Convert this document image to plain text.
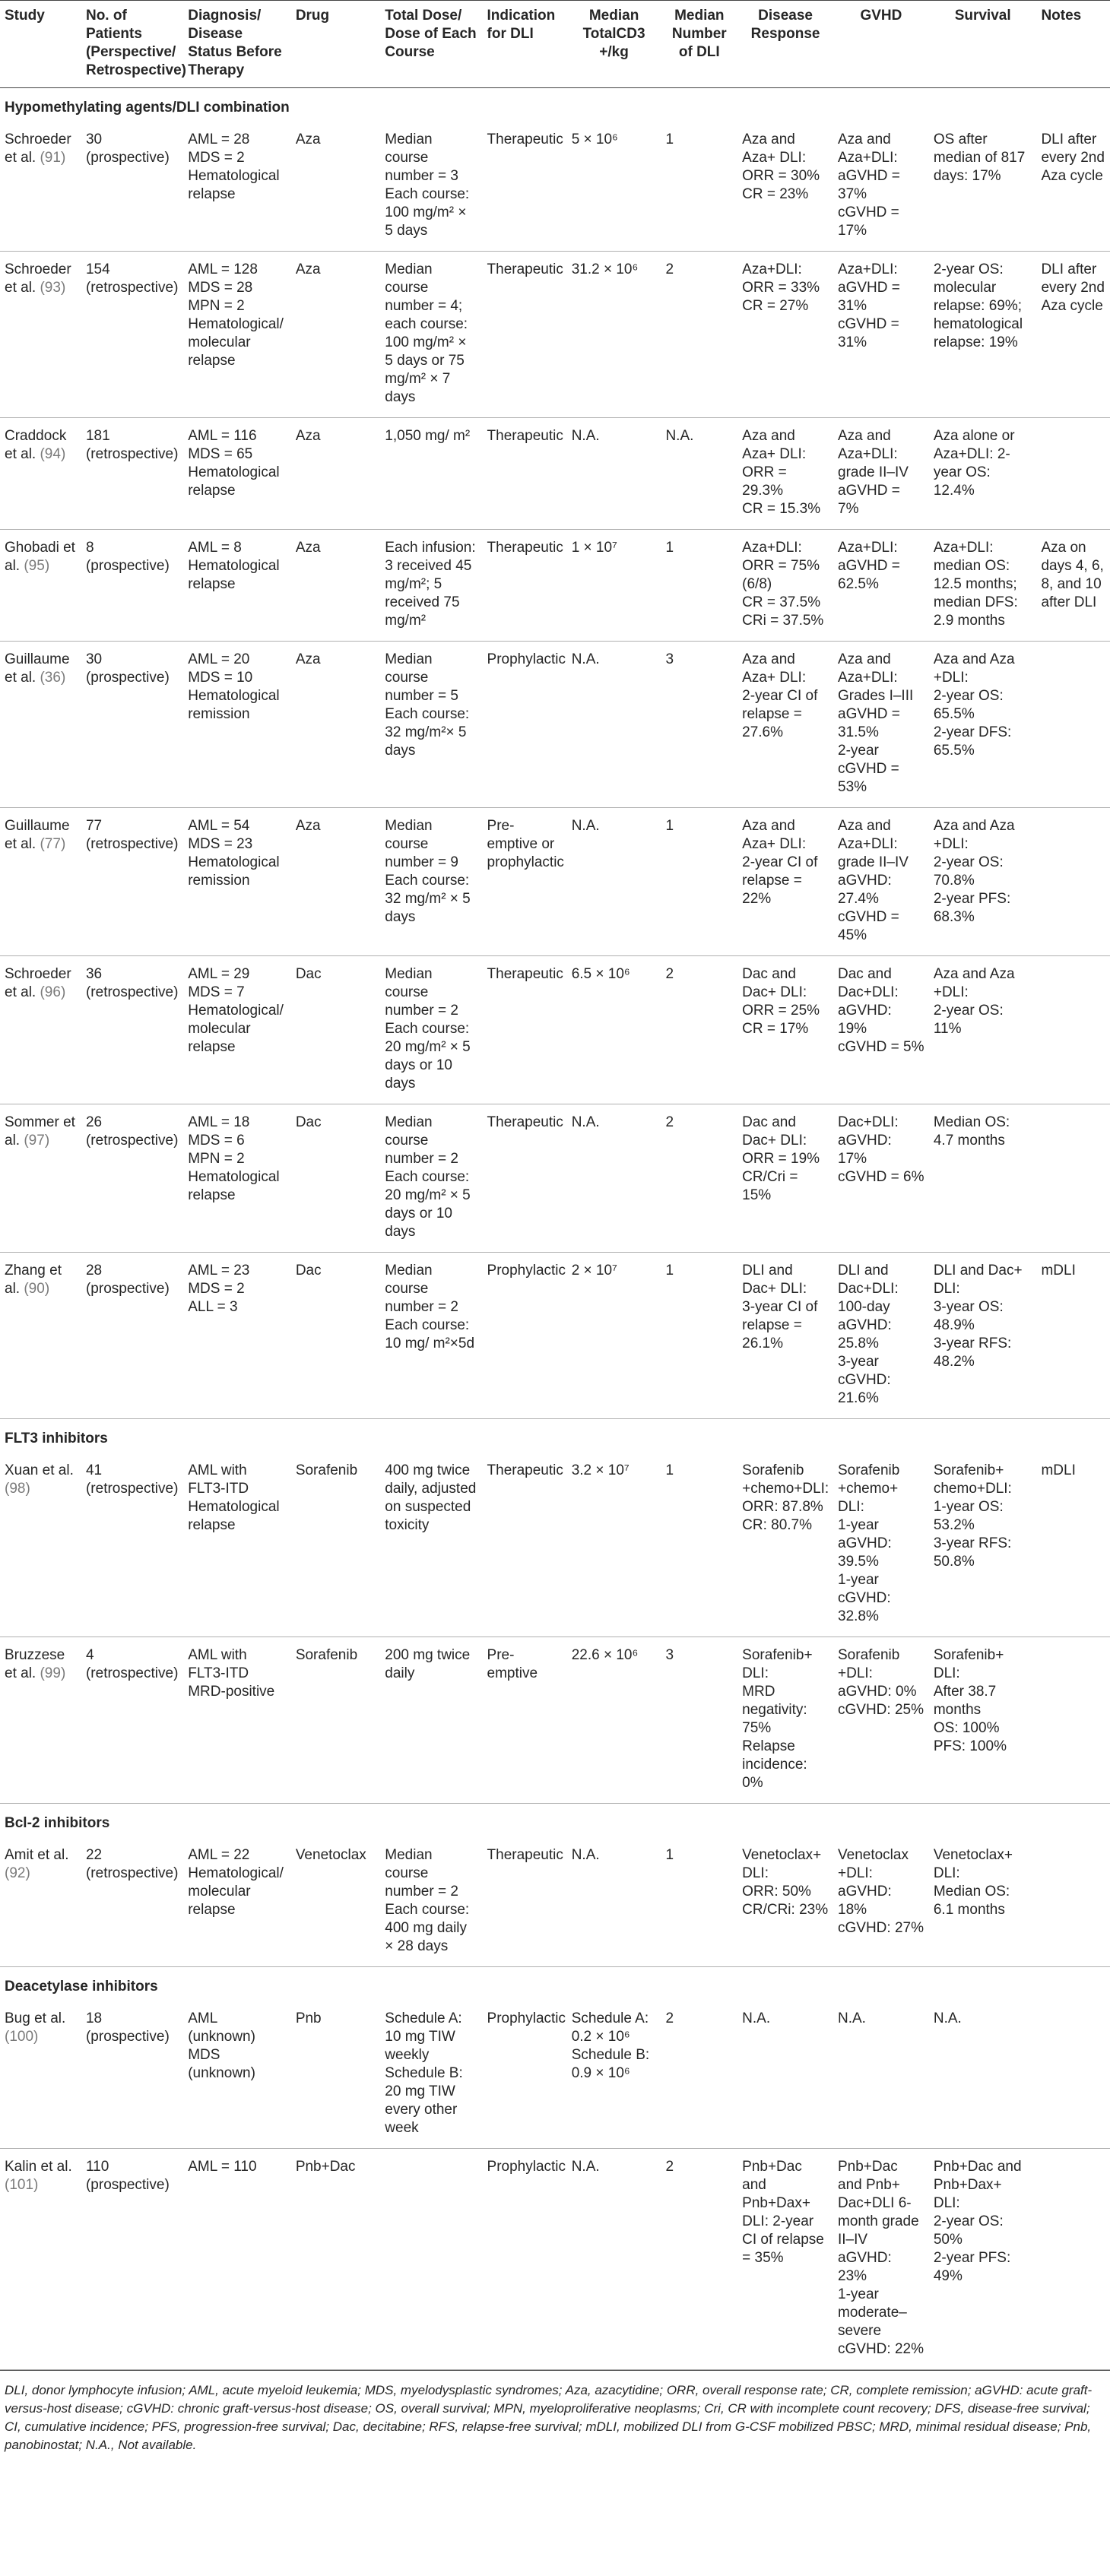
Study	No. of Patients (Perspective/ Retrospective)	Diagnosis/ Disease Status Before Therapy	Drug	Total Dose/ Dose of Each Course	Indication for DLI	Median TotalCD3 +/kg	Median Number of DLI	Disease Response	GVHD	Survival	Notes
Hypomethylating agents/DLI combination											
Schroeder et al. (91)	30 (prospective)	AML = 28
MDS = 2
Hematological relapse	Aza	Median course number = 3
Each course: 100 mg/m² × 5 days	Therapeutic	5 × 10⁶	1	Aza and Aza+ DLI:
ORR = 30%
CR = 23%	Aza and Aza+DLI: aGVHD = 37%
cGVHD = 17%	OS after median of 817 days: 17%	DLI after every 2nd Aza cycle
Schroeder et al. (93)	154 (retrospective)	AML = 128
MDS = 28
MPN = 2
Hematological/ molecular relapse	Aza	Median course number = 4; each course: 100 mg/m² × 5 days or 75 mg/m² × 7 days	Therapeutic	31.2 × 10⁶	2	Aza+DLI:
ORR = 33%
CR = 27%	Aza+DLI: aGVHD = 31%
cGVHD = 31%	2-year OS: molecular relapse: 69%; hematological relapse: 19%	DLI after every 2nd Aza cycle
Craddock et al. (94)	181 (retrospective)	AML = 116
MDS = 65
Hematological relapse	Aza	1,050 mg/ m²	Therapeutic	N.A.	N.A.	Aza and Aza+ DLI:
ORR = 29.3%
CR = 15.3%	Aza and Aza+DLI: grade II–IV aGVHD = 7%	Aza alone or Aza+DLI: 2-year OS: 12.4%	

Ghobadi et al. (95)	8 (prospective)	AML = 8
Hematological relapse	Aza	Each infusion: 3 received 45 mg/m²; 5 received 75 mg/m²	Therapeutic	1 × 10⁷	1	Aza+DLI:
ORR = 75% (6/8)
CR = 37.5%
CRi = 37.5%	Aza+DLI: aGVHD = 62.5%	Aza+DLI: median OS: 12.5 months; median DFS: 2.9 months	Aza on days 4, 6, 8, and 10 after DLI
Guillaume et al. (36)	30 (prospective)	AML = 20
MDS = 10
Hematological remission	Aza	Median course number = 5
Each course: 32 mg/m²× 5 days	Prophylactic	N.A.	3	Aza and Aza+ DLI:
2-year CI of relapse = 27.6%	Aza and Aza+DLI: Grades I–III aGVHD = 31.5%
2-year cGVHD = 53%	Aza and Aza +DLI:
2-year OS: 65.5%
2-year DFS: 65.5%	

Guillaume et al. (77)	77 (retrospective)	AML = 54
MDS = 23
Hematological remission	Aza	Median course number = 9
Each course: 32 mg/m² × 5 days	Pre-emptive or prophylactic	N.A.	1	Aza and Aza+ DLI:
2-year CI of relapse = 22%	Aza and Aza+DLI: grade II–IV aGVHD: 27.4%
cGVHD = 45%	Aza and Aza +DLI:
2-year OS: 70.8%
2-year PFS: 68.3%	

Schroeder et al. (96)	36 (retrospective)	AML = 29
MDS = 7
Hematological/ molecular relapse	Dac	Median course number = 2
Each course: 20 mg/m² × 5 days or 10 days	Therapeutic	6.5 × 10⁶	2	Dac and Dac+ DLI:
ORR = 25%
CR = 17%	Dac and Dac+DLI: aGVHD: 19%
cGVHD = 5%	Aza and Aza +DLI:
2-year OS: 11%	

Sommer et al. (97)	26 (retrospective)	AML = 18
MDS = 6
MPN = 2
Hematological relapse	Dac	Median course number = 2
Each course: 20 mg/m² × 5 days or 10 days	Therapeutic	N.A.	2	Dac and Dac+ DLI:
ORR = 19%
CR/Cri = 15%	Dac+DLI: aGVHD: 17%
cGVHD = 6%	Median OS: 4.7 months	

Zhang et al. (90)	28 (prospective)	AML = 23
MDS = 2
ALL = 3	Dac	Median course number = 2
Each course: 10 mg/ m²×5d	Prophylactic	2 × 10⁷	1	DLI and Dac+ DLI:
3-year CI of relapse = 26.1%	DLI and Dac+DLI: 100-day aGVHD: 25.8%
3-year cGVHD: 21.6%	DLI and Dac+ DLI:
3-year OS: 48.9%
3-year RFS: 48.2%	mDLI
FLT3 inhibitors											
Xuan et al. (98)	41 (retrospective)	AML with FLT3-ITD Hematological relapse	Sorafenib	400 mg twice daily, adjusted on suspected toxicity	Therapeutic	3.2 × 10⁷	1	Sorafenib +chemo+DLI: ORR: 87.8%
CR: 80.7%	Sorafenib +chemo+ DLI:
1-year aGVHD: 39.5%
1-year cGVHD: 32.8%	Sorafenib+ chemo+DLI:
1-year OS: 53.2%
3-year RFS: 50.8%	mDLI
Bruzzese et al. (99)	4 (retrospective)	AML with FLT3-ITD MRD-positive	Sorafenib	200 mg twice daily	Pre-emptive	22.6 × 10⁶	3	Sorafenib+ DLI:
MRD negativity: 75%
Relapse incidence: 0%	Sorafenib +DLI: aGVHD: 0%
cGVHD: 25%	Sorafenib+ DLI:
After 38.7 months
OS: 100%
PFS: 100%	

Bcl-2 inhibitors											
Amit et al. (92)	22 (retrospective)	AML = 22
Hematological/ molecular relapse	Venetoclax	Median course number = 2
Each course: 400 mg daily × 28 days	Therapeutic	N.A.	1	Venetoclax+ DLI:
ORR: 50%
CR/CRi: 23%	Venetoclax +DLI: aGVHD: 18%
cGVHD: 27%	Venetoclax+ DLI:
Median OS: 6.1 months	

Deacetylase inhibitors											
Bug et al. (100)	18 (prospective)	AML (unknown)
MDS (unknown)	Pnb	Schedule A: 10 mg TIW weekly
Schedule B: 20 mg TIW every other week	Prophylactic	Schedule A: 0.2 × 10⁶ Schedule B: 0.9 × 10⁶	2	N.A.	N.A.	N.A.	

Kalin et al. (101)	110 (prospective)	AML = 110	Pnb+Dac		Prophylactic	N.A.	2	Pnb+Dac and Pnb+Dax+ DLI: 2-year CI of relapse = 35%	Pnb+Dac and Pnb+ Dac+DLI 6-month grade II–IV aGVHD: 23%
1-year moderate–severe cGVHD: 22%	Pnb+Dac and Pnb+Dax+ DLI:
2-year OS: 50%
2-year PFS: 49%	

DLI, donor lymphocyte infusion; AML, acute myeloid leukemia; MDS, myelodysplastic syndromes; Aza, azacytidine; ORR, overall response rate; CR, complete remission; aGVHD: acute graft-versus-host disease; cGVHD: chronic graft-versus-host disease; OS, overall survival; MPN, myeloproliferative neoplasms; Cri, CR with incomplete count recovery; DFS, disease-free survival; CI, cumulative incidence; PFS, progression-free survival; Dac, decitabine; RFS, relapse-free survival; mDLI, mobilized DLI from G-CSF mobilized PBSC; MRD, minimal residual disease; Pnb, panobinostat; N.A., Not available.
